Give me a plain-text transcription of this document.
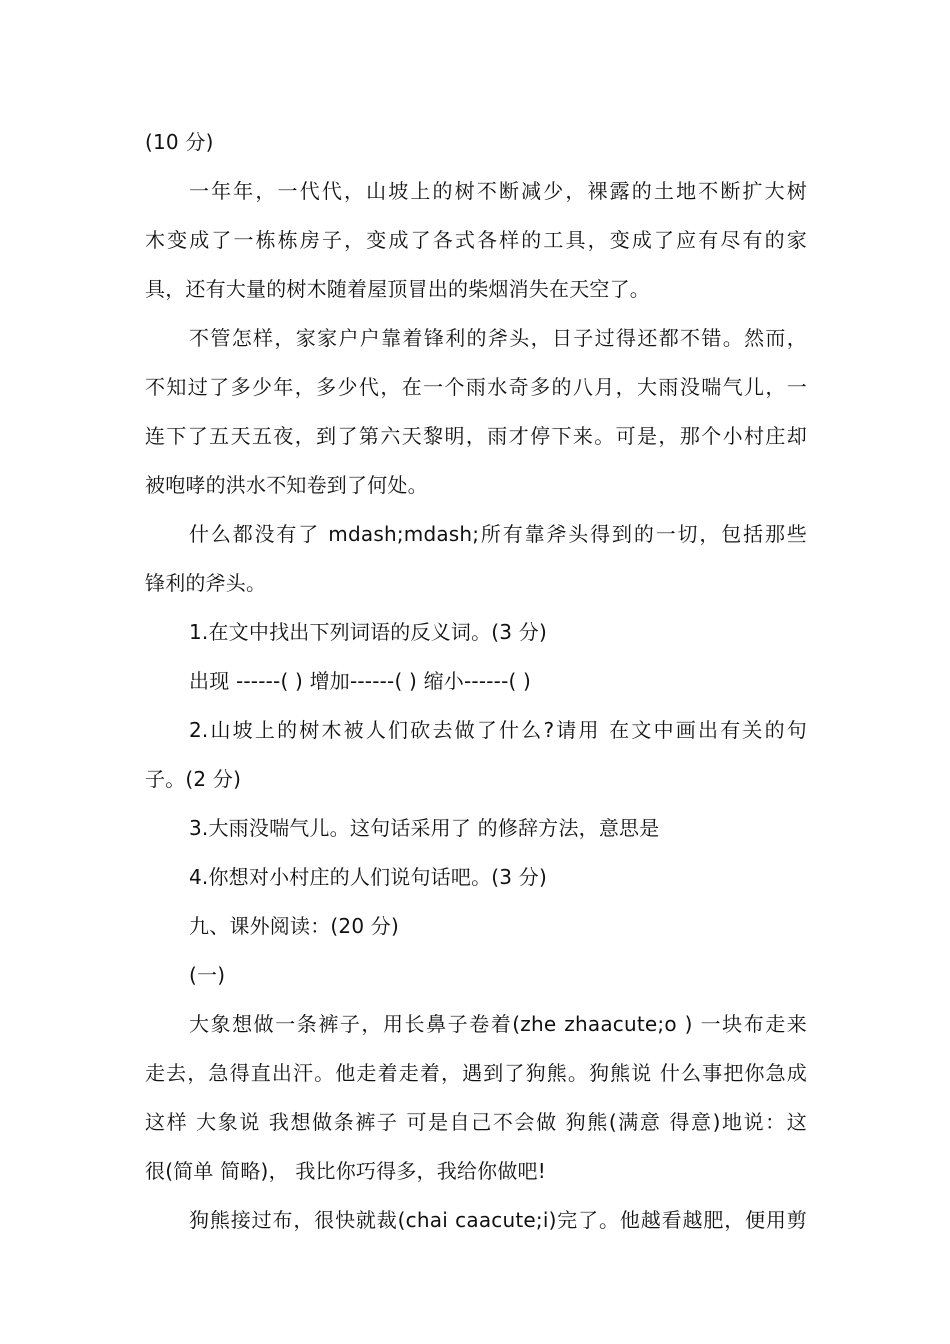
(10 分)
一年年，一代代，山坡上的树不断减少，裸露的土地不断扩大树
木变成了一栋栋房子，变成了各式各样的工具，变成了应有尽有的家
具，还有大量的树木随着屋顶冒出的柴烟消失在天空了。
不管怎样，家家户户靠着锋利的斧头，日子过得还都不错。然而，
不知过了多少年，多少代，在一个雨水奇多的八月，大雨没喘气儿，一
连下了五天五夜，到了第六天黎明，雨才停下来。可是，那个小村庄却
被咆哮的洪水不知卷到了何处。
什么都没有了 mdash;mdash;所有靠斧头得到的一切，包括那些
锋利的斧头。
1.在文中找出下列词语的反义词。(3 分)
出现 ------( ) 增加------( ) 缩小------( )
2.山坡上的树木被人们砍去做了什么?请用 在文中画出有关的句
子。(2 分)
3.大雨没喘气儿。这句话采用了 的修辞方法，意思是
4.你想对小村庄的人们说句话吧。(3 分)
九、课外阅读：(20 分)
(一)
大象想做一条裤子，用长鼻子卷着(zhe zhaacute;o ) 一块布走来
走去，急得直出汗。他走着走着，遇到了狗熊。狗熊说 什么事把你急成
这样 大象说 我想做条裤子 可是自己不会做 狗熊(满意 得意)地说：这
很(简单 简略)， 我比你巧得多，我给你做吧!
狗熊接过布，很快就裁(chai caacute;i)完了。他越看越肥，便用剪
